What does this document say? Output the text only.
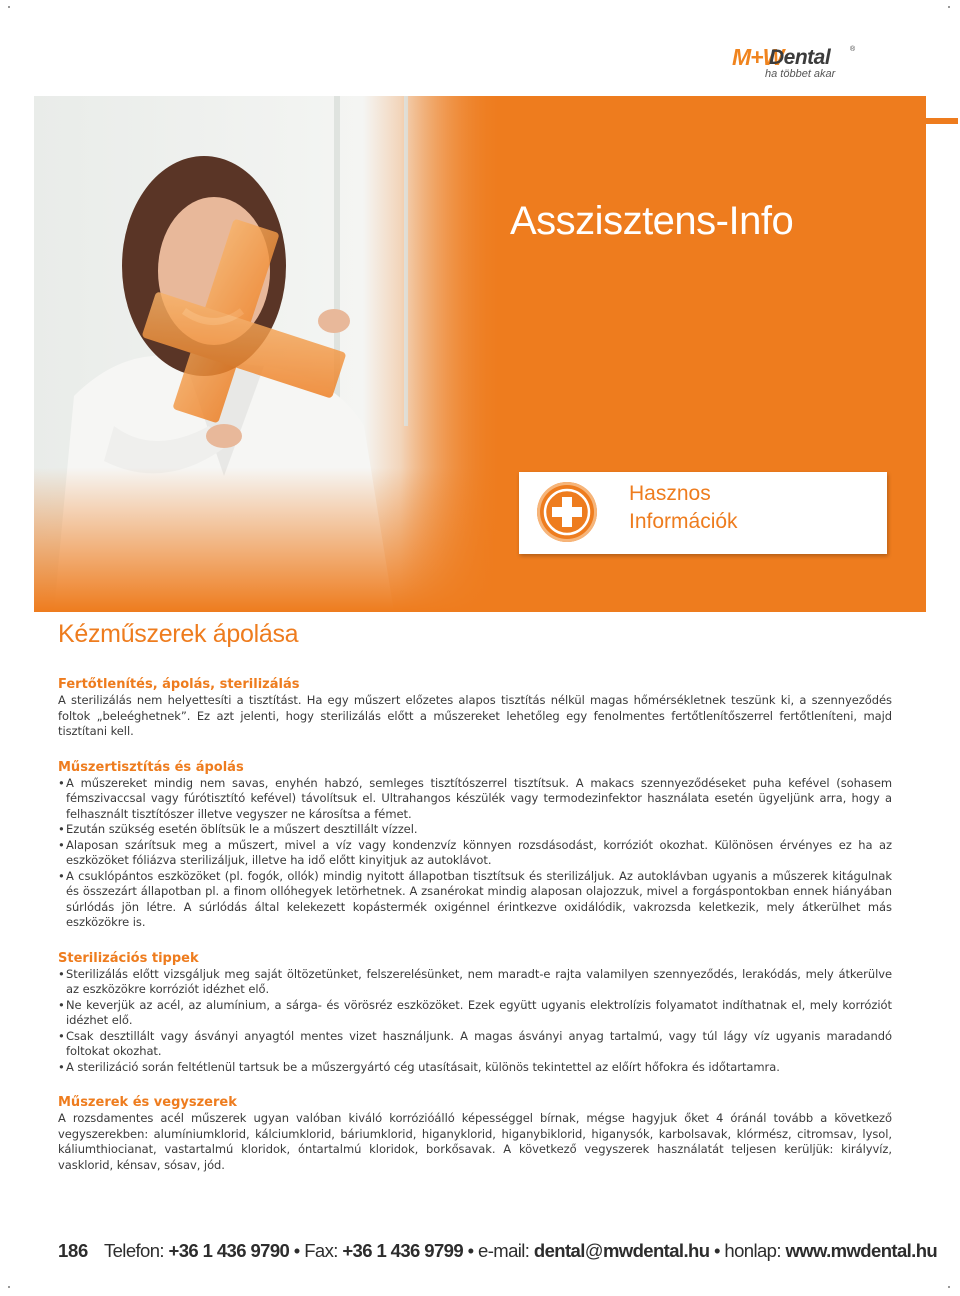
M+W
Dental	®
ha többet akar
Asszisztens-Info
Hasznos
Információk
Kézműszerek ápolása
Fertőtlenítés, ápolás, sterilizálás

A sterilizálás nem helyettesíti a tisztítást. Ha egy műszert előzetes alapos tisztítás nélkül magas hőmérsékletnek teszünk ki, a szennyeződés foltok „beleéghetnek”. Ez azt jelenti, hogy sterilizálás előtt a műszereket lehetőleg egy fenolmentes fertőtlenítőszerrel fertőtleníteni, majd tisztítani kell.

Műszertisztítás és ápolás
• A műszereket mindig nem savas, enyhén habzó, semleges tisztítószerrel tisztítsuk. A makacs szennyeződéseket puha kefével (sohasem fémszivaccsal vagy fúrótisztító kefével) távolítsuk el. Ultrahangos készülék vagy termodezinfektor használata esetén ügyeljünk arra, hogy a felhasznált tisztítószer illetve vegyszer ne károsítsa a fémet.
• Ezután szükség esetén öblítsük le a műszert desztillált vízzel.
• Alaposan szárítsuk meg a műszert, mivel a víz vagy kondenzvíz könnyen rozsdásodást, korróziót okozhat. Különösen érvényes ez ha az eszközöket fóliázva sterilizáljuk, illetve ha idő előtt kinyitjuk az autoklávot.
• A csuklópántos eszközöket (pl. fogók, ollók) mindig nyitott állapotban tisztítsuk és sterilizáljuk. Az autoklávban ugyanis a műszerek kitágulnak és összezárt állapotban pl. a finom ollóhegyek letörhetnek. A zsanérokat mindig alaposan olajozzuk, mivel a forgáspontokban ennek hiányában súrlódás jön létre. A súrlódás által kelekezett kopástermék oxigénnel érintkezve oxidálódik, vakrozsda keletkezik, mely átkerülhet más eszközökre is.
Sterilizációs tippek
• Sterilizálás előtt vizsgáljuk meg saját öltözetünket, felszerelésünket, nem maradt-e rajta valamilyen szennyeződés, lerakódás, mely átkerülve az eszközökre korróziót idézhet elő.
• Ne keverjük az acél, az alumínium, a sárga- és vörösréz eszközöket. Ezek együtt ugyanis elektrolízis folyamatot indíthatnak el, mely korróziót idézhet elő.
• Csak desztillált vagy ásványi anyagtól mentes vizet használjunk. A magas ásványi anyag tartalmú, vagy túl lágy víz ugyanis maradandó foltokat okozhat.
• A sterilizáció során feltétlenül tartsuk be a műszergyártó cég utasításait, különös tekintettel az előírt hőfokra és időtartamra.
Műszerek és vegyszerek

A rozsdamentes acél műszerek ugyan valóban kiváló korrózióálló képességgel bírnak, mégse hagyjuk őket 4 óránál tovább a következő vegyszerekben: alumíniumklorid, kálciumklorid, báriumklorid, higanyklorid, higanybiklorid, higanysók, karbolsavak, klórmész, citromsav, lysol, káliumthiocianat, vastartalmú kloridok, óntartalmú kloridok, borkősavak. A következő vegyszerek használatát teljesen kerüljük: királyvíz, vasklorid, kénsav, sósav, jód.

186 Telefon: +36 1 436 9790 • Fax: +36 1 436 9799 • e-mail: dental@mwdental.hu • honlap: www.mwdental.hu
